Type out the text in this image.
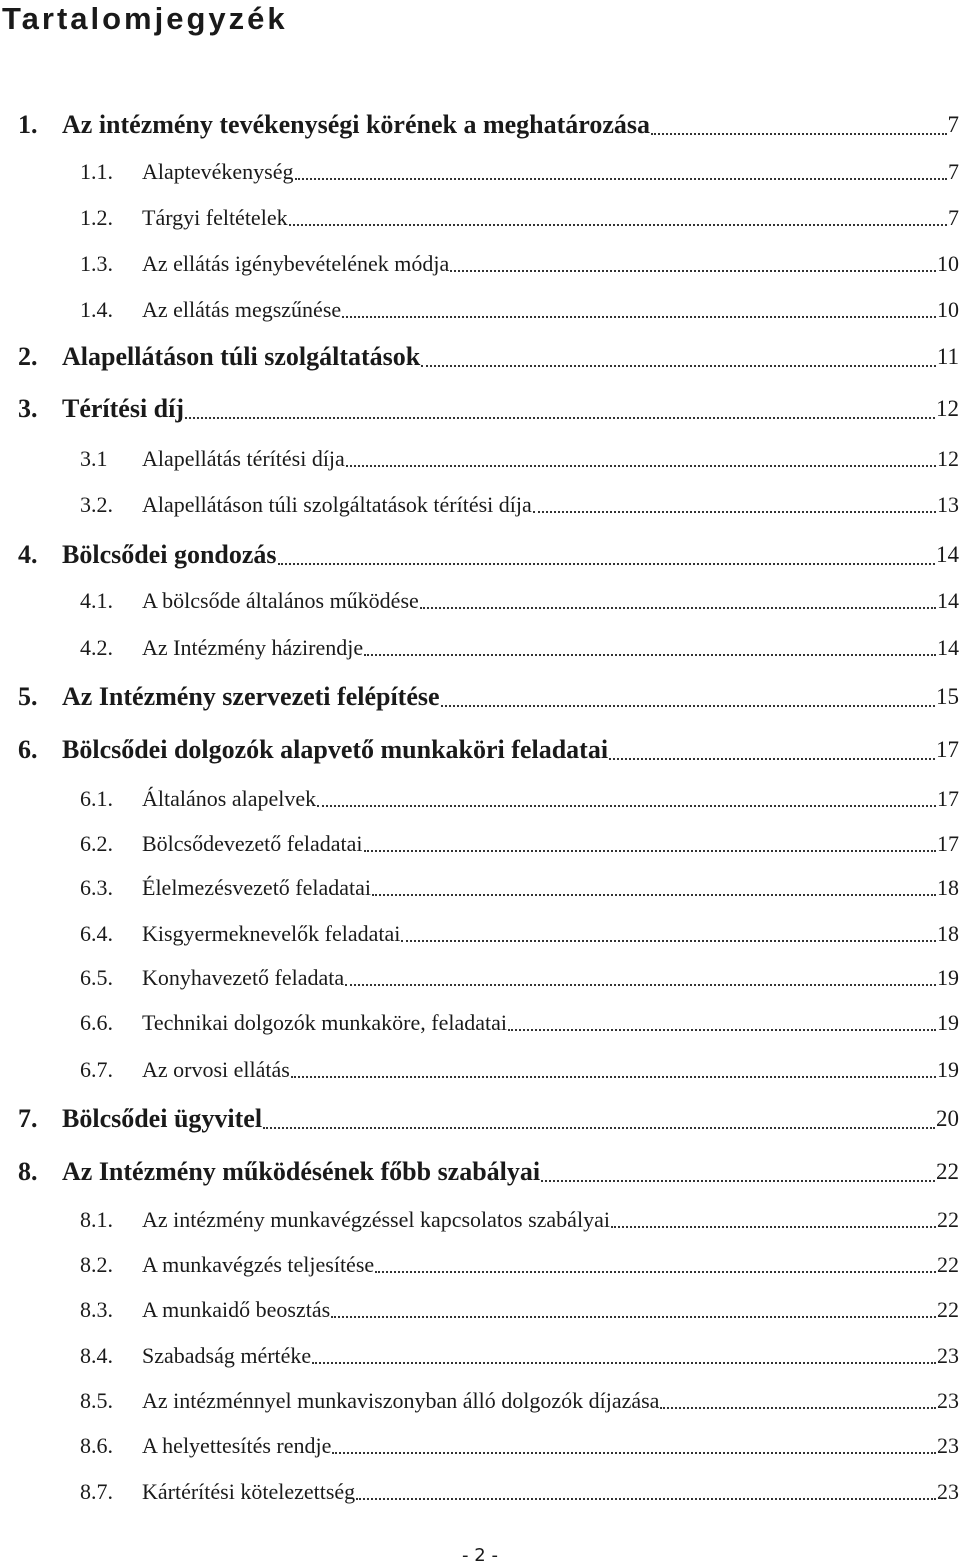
Tartalomjegyzék
1. Az intézmény tevékenységi körének a meghatározása	7
1.1.	Alaptevékenység	7
1.2.	Tárgyi feltételek	7
1.3.	Az ellátás igénybevételének módja	10
1.4.	Az ellátás megszűnése	10
2. Alapellátáson túli szolgáltatások	11
3. Térítési díj	12
3.1	Alapellátás térítési díja	12
3.2.	Alapellátáson túli szolgáltatások térítési díja	13
4. Bölcsődei gondozás	14
4.1.	A bölcsőde általános működése	14
4.2.	Az Intézmény házirendje	14
5. Az Intézmény szervezeti felépítése	15
6. Bölcsődei dolgozók alapvető munkaköri feladatai	17
6.1.	Általános alapelvek	17
6.2.	Bölcsődevezető feladatai	17
6.3.	Élelmezésvezető feladatai	18
6.4.	Kisgyermeknevelők feladatai	18
6.5.	Konyhavezető feladata	19
6.6.	Technikai dolgozók munkaköre, feladatai	19
6.7.	Az orvosi ellátás	19
7. Bölcsődei ügyvitel	20
8. Az Intézmény működésének főbb szabályai	22
8.1.	Az intézmény munkavégzéssel kapcsolatos szabályai	22
8.2.	A munkavégzés teljesítése	22
8.3.	A munkaidő beosztás	22
8.4.	Szabadság mértéke	23
8.5.	Az intézménnyel munkaviszonyban álló dolgozók díjazása	23
8.6.	A helyettesítés rendje	23
8.7.	Kártérítési kötelezettség	23
- 2 -
